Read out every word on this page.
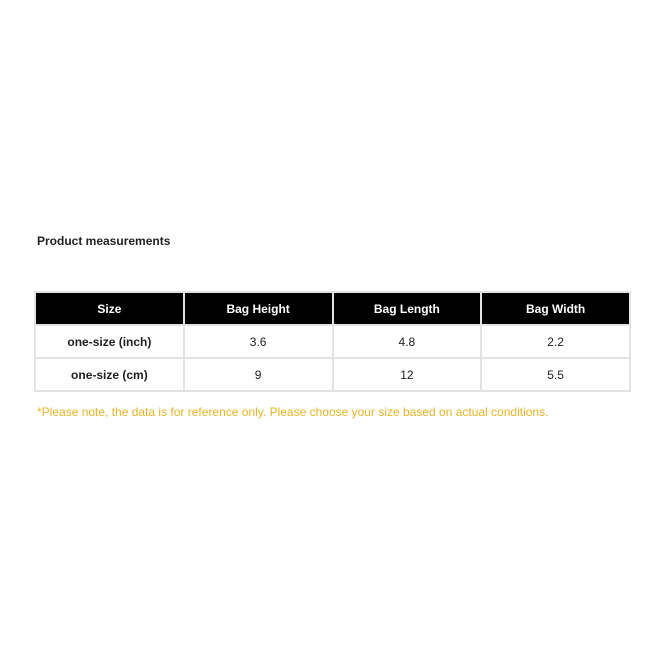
Product measurements
Size	Bag Height	Bag Length	Bag Width
one-size (inch)	3.6	4.8	2.2
one-size (cm)	9	12	5.5
*Please note, the data is for reference only. Please choose your size based on actual conditions.
